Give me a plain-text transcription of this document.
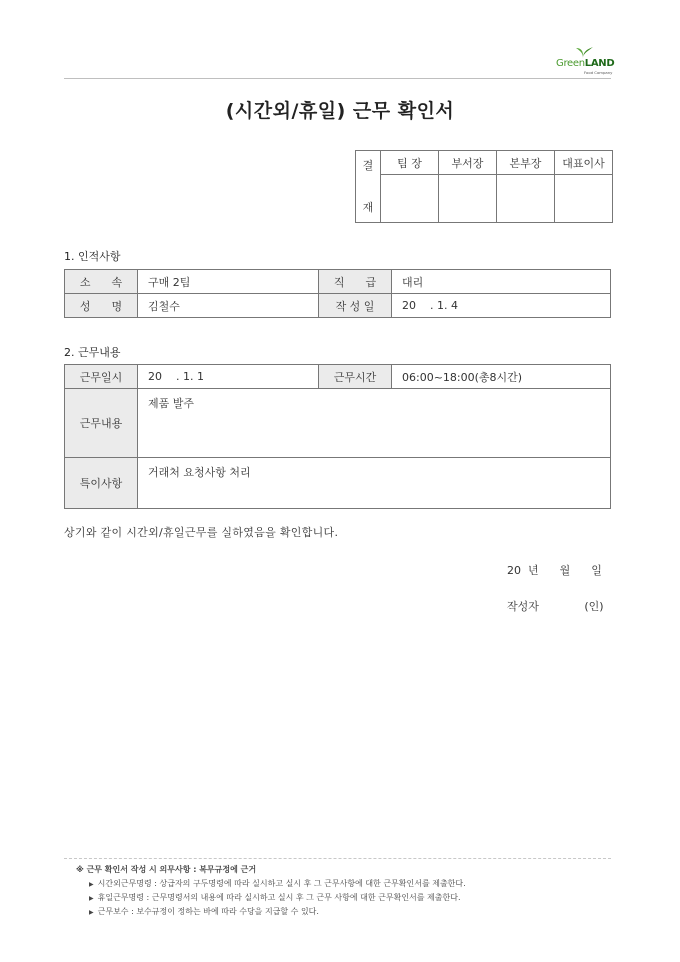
GreenLAND
Food Company
(시간외/휴일) 근무 확인서
결
재	팀 장	부서장	본부장	대표이사

1. 인적사항
소      속	구매 2팀	직      급	대리
성      명	김철수	작 성 일	20    . 1. 4
2. 근무내용
근무일시	20    . 1. 1	근무시간	06:00~18:00(총8시간)
근무내용	제품 발주		
특이사항	거래처 요청사항 처리		
상기와 같이 시간외/휴일근무를 실하였음을 확인합니다.
20  년      월      일
작성자             (인)
※ 근무 확인서 작성 시 의무사항 : 복무규정에 근거
▶ 시간외근무명령 : 상급자의 구두명령에 따라 실시하고 실시 후 그 근무사항에 대한 근무확인서를 제출한다.
▶ 휴일근무명령 : 근무명령서의 내용에 따라 실시하고 실시 후 그 근무 사항에 대한 근무확인서를 제출한다.
▶ 근무보수 : 보수규정이 정하는 바에 따라 수당을 지급할 수 있다.
